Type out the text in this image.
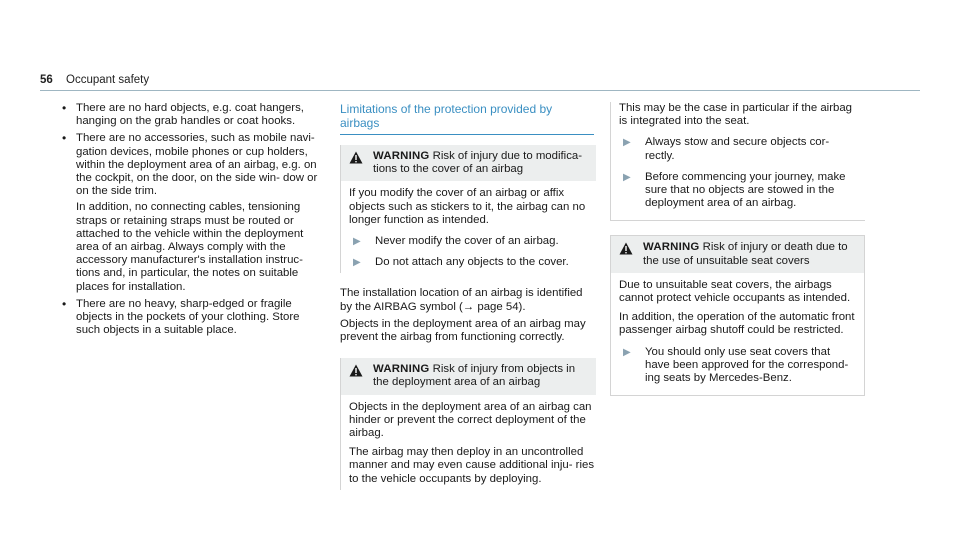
56 Occupant safety

• There are no hard objects, e.g. coat hangers, hanging on the grab handles or coat hooks.

• There are no accessories, such as mobile navi- gation devices, mobile phones or cup holders, within the deployment area of an airbag, e.g. on the cockpit, on the door, on the side win- dow or on the side trim.

In addition, no connecting cables, tensioning straps or retaining straps must be routed or attached to the vehicle within the deployment area of an airbag. Always comply with the accessory manufacturer's installation instruc- tions and, in particular, the notes on suitable places for installation.

• There are no heavy, sharp-edged or fragile objects in the pockets of your clothing. Store such objects in a suitable place.

Limitations of the protection provided by airbags
WARNING Risk of injury due to modifica- tions to the cover of an airbag

If you modify the cover of an airbag or affix objects such as stickers to it, the airbag can no longer function as intended.

▶	Never modify the cover of an airbag.
▶	Do not attach any objects to the cover.

The installation location of an airbag is identified by the AIRBAG symbol (→ page 54).

Objects in the deployment area of an airbag may prevent the airbag from functioning correctly.

WARNING Risk of injury from objects in the deployment area of an airbag

Objects in the deployment area of an airbag can hinder or prevent the correct deployment of the airbag.

The airbag may then deploy in an uncontrolled manner and may even cause additional inju- ries to the vehicle occupants by deploying.

This may be the case in particular if the airbag is integrated into the seat.

▶	Always stow and secure objects cor- rectly.
▶	Before commencing your journey, make sure that no objects are stowed in the deployment area of an airbag.
WARNING Risk of injury or death due to the use of unsuitable seat covers

Due to unsuitable seat covers, the airbags cannot protect vehicle occupants as intended.

In addition, the operation of the automatic front passenger airbag shutoff could be restricted.

▶	You should only use seat covers that have been approved for the correspond- ing seats by Mercedes-Benz.
